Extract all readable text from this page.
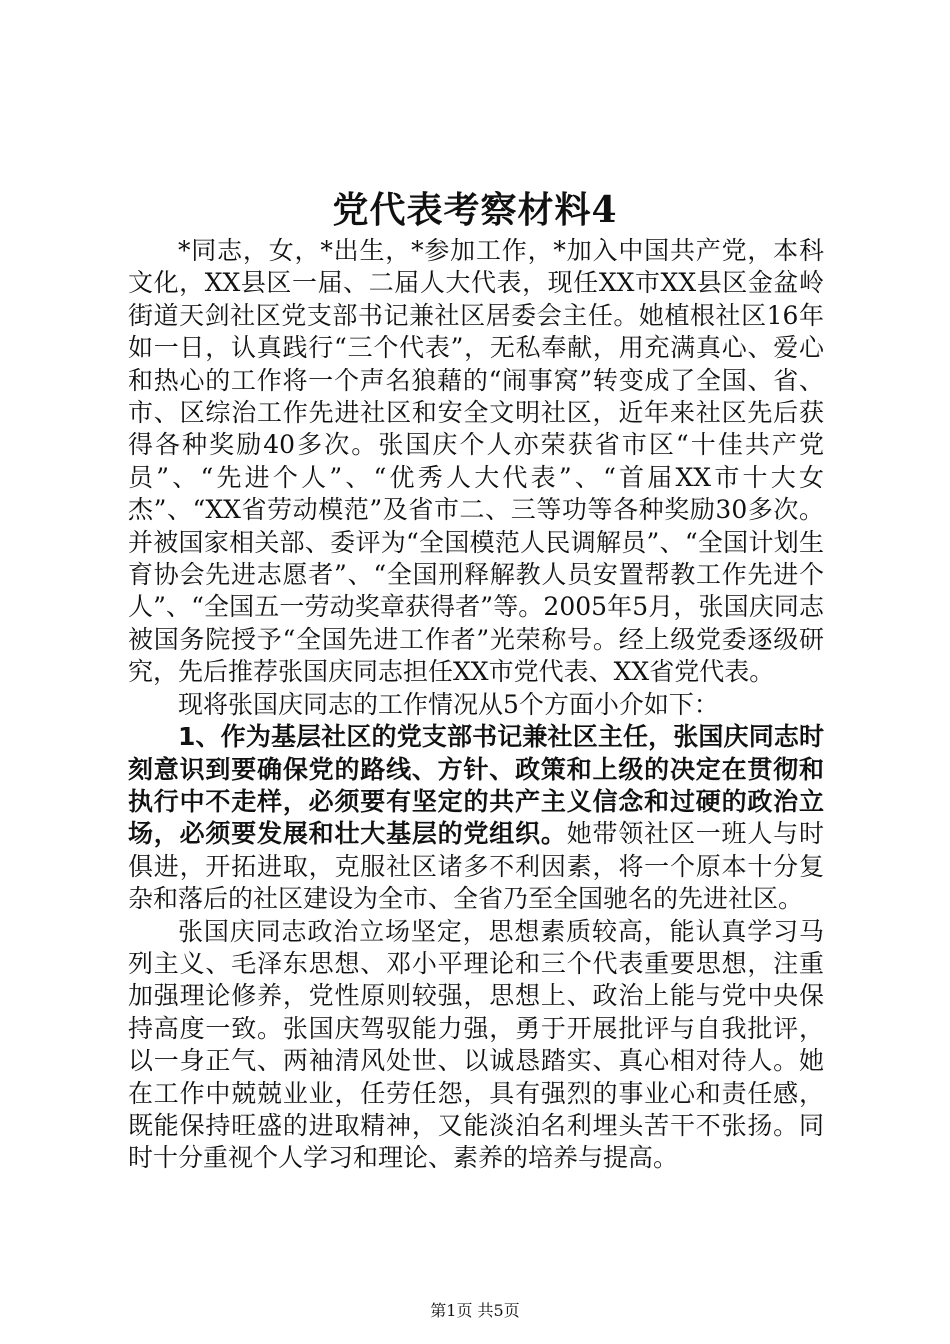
党代表考察材料4

*同志，女，*出生，*参加工作，*加入中国共产党，本科文化，XX县区一届、二届人大代表，现任XX市XX县区金盆岭街道天剑社区党支部书记兼社区居委会主任。她植根社区16年如一日，认真践行“三个代表”，无私奉献，用充满真心、爱心和热心的工作将一个声名狼藉的“闹事窝”转变成了全国、省、市、区综治工作先进社区和安全文明社区，近年来社区先后获得各种奖励40多次。张国庆个人亦荣获省市区“十佳共产党员”、“先进个人”、“优秀人大代表”、“首届XX市十大女杰”、“XX省劳动模范”及省市二、三等功等各种奖励30多次。并被国家相关部、委评为“全国模范人民调解员”、“全国计划生育协会先进志愿者”、“全国刑释解教人员安置帮教工作先进个人”、“全国五一劳动奖章获得者”等。2005年5月，张国庆同志被国务院授予“全国先进工作者”光荣称号。经上级党委逐级研究，先后推荐张国庆同志担任XX市党代表、XX省党代表。

现将张国庆同志的工作情况从5个方面小介如下：

1、作为基层社区的党支部书记兼社区主任，张国庆同志时刻意识到要确保党的路线、方针、政策和上级的决定在贯彻和执行中不走样，必须要有坚定的共产主义信念和过硬的政治立场，必须要发展和壮大基层的党组织。她带领社区一班人与时俱进，开拓进取，克服社区诸多不利因素，将一个原本十分复杂和落后的社区建设为全市、全省乃至全国驰名的先进社区。

张国庆同志政治立场坚定，思想素质较高，能认真学习马列主义、毛泽东思想、邓小平理论和三个代表重要思想，注重加强理论修养，党性原则较强，思想上、政治上能与党中央保持高度一致。张国庆驾驭能力强，勇于开展批评与自我批评，以一身正气、两袖清风处世、以诚恳踏实、真心相对待人。她在工作中兢兢业业，任劳任怨，具有强烈的事业心和责任感，既能保持旺盛的进取精神，又能淡泊名利埋头苦干不张扬。同时十分重视个人学习和理论、素养的培养与提高。

第1页 共5页
